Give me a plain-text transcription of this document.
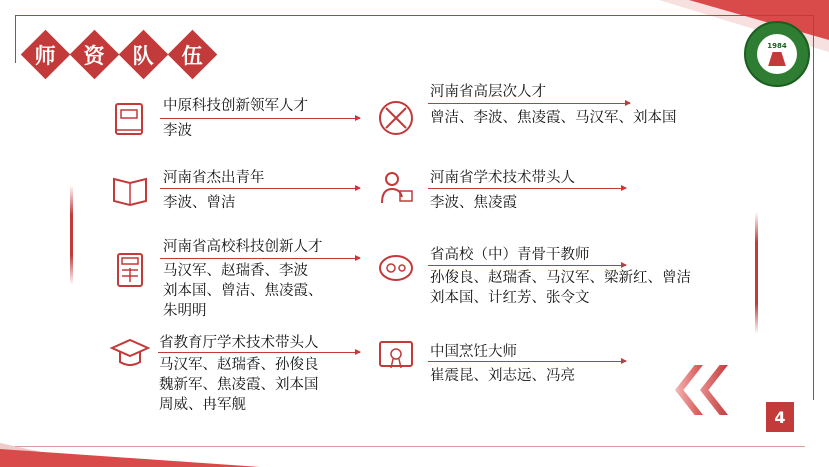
师 资 队 伍	1984
中原科技创新领军人才
李波
河南省高层次人才
曾洁、李波、焦凌霞、马汉军、刘本国
河南省杰出青年
李波、曾洁
河南省学术技术带头人
李波、焦凌霞
河南省高校科技创新人才
马汉军、赵瑞香、李波
刘本国、曾洁、焦凌霞、
朱明明
省高校（中）青骨干教师
孙俊良、赵瑞香、马汉军、梁新红、曾洁
刘本国、计红芳、张令文
省教育厅学术技术带头人
马汉军、赵瑞香、孙俊良
魏新军、焦凌霞、刘本国
周威、冉军舰
中国烹饪大师
崔震昆、刘志远、冯亮
4
